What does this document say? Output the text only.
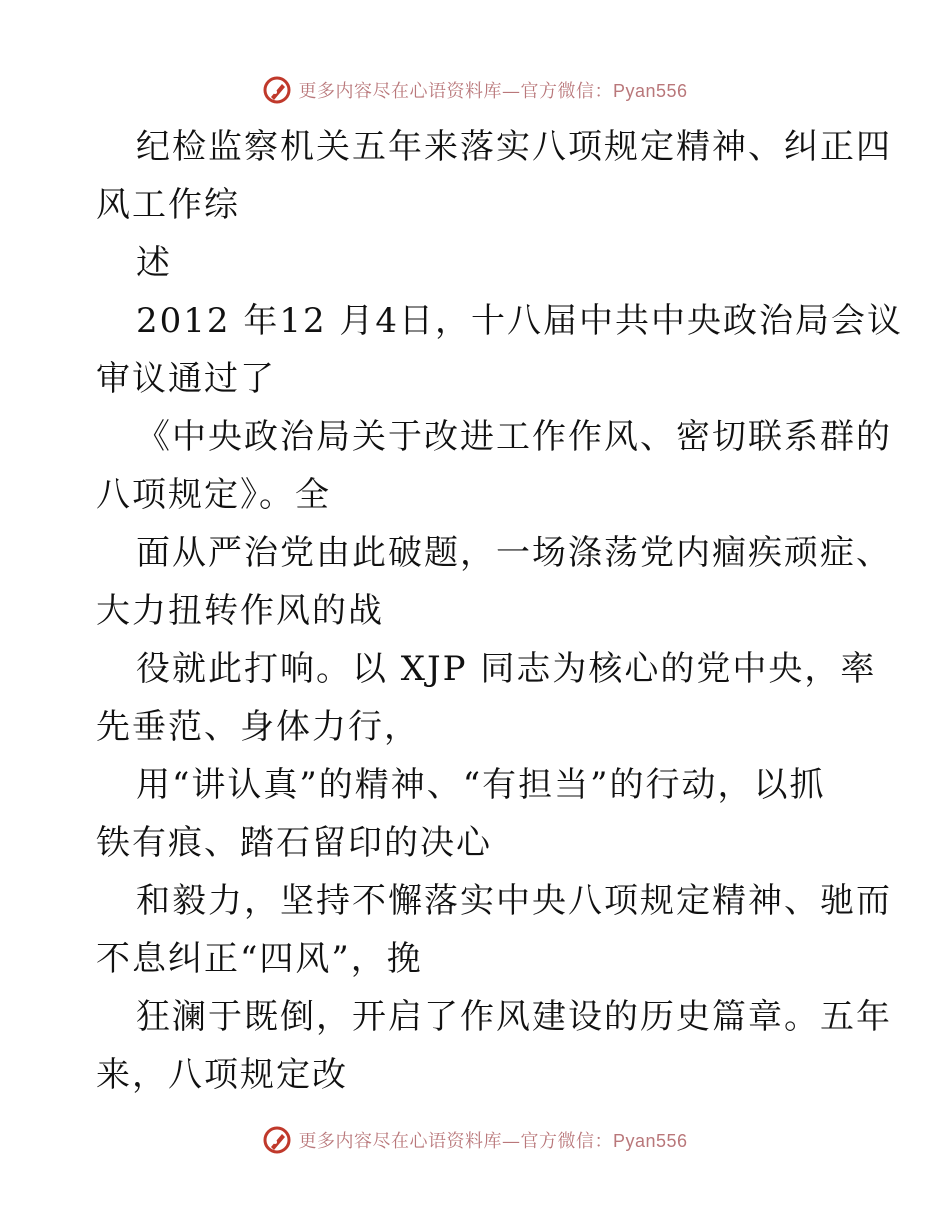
更多内容尽在心语资料库—官方微信：Pyan556
纪检监察机关五年来落实八项规定精神、纠正四
风工作综
述
2012 年12 月4日，十八届中共中央政治局会议
审议通过了
《中央政治局关于改进工作作风、密切联系群的
八项规定》。全
面从严治党由此破题，一场涤荡党内痼疾顽症、
大力扭转作风的战
役就此打响。以 XJP 同志为核心的党中央，率
先垂范、身体力行，
用“讲认真”的精神、“有担当”的行动，以抓
铁有痕、踏石留印的决心
和毅力，坚持不懈落实中央八项规定精神、驰而
不息纠正“四风”，挽
狂澜于既倒，开启了作风建设的历史篇章。五年
来，八项规定改
更多内容尽在心语资料库—官方微信：Pyan556
